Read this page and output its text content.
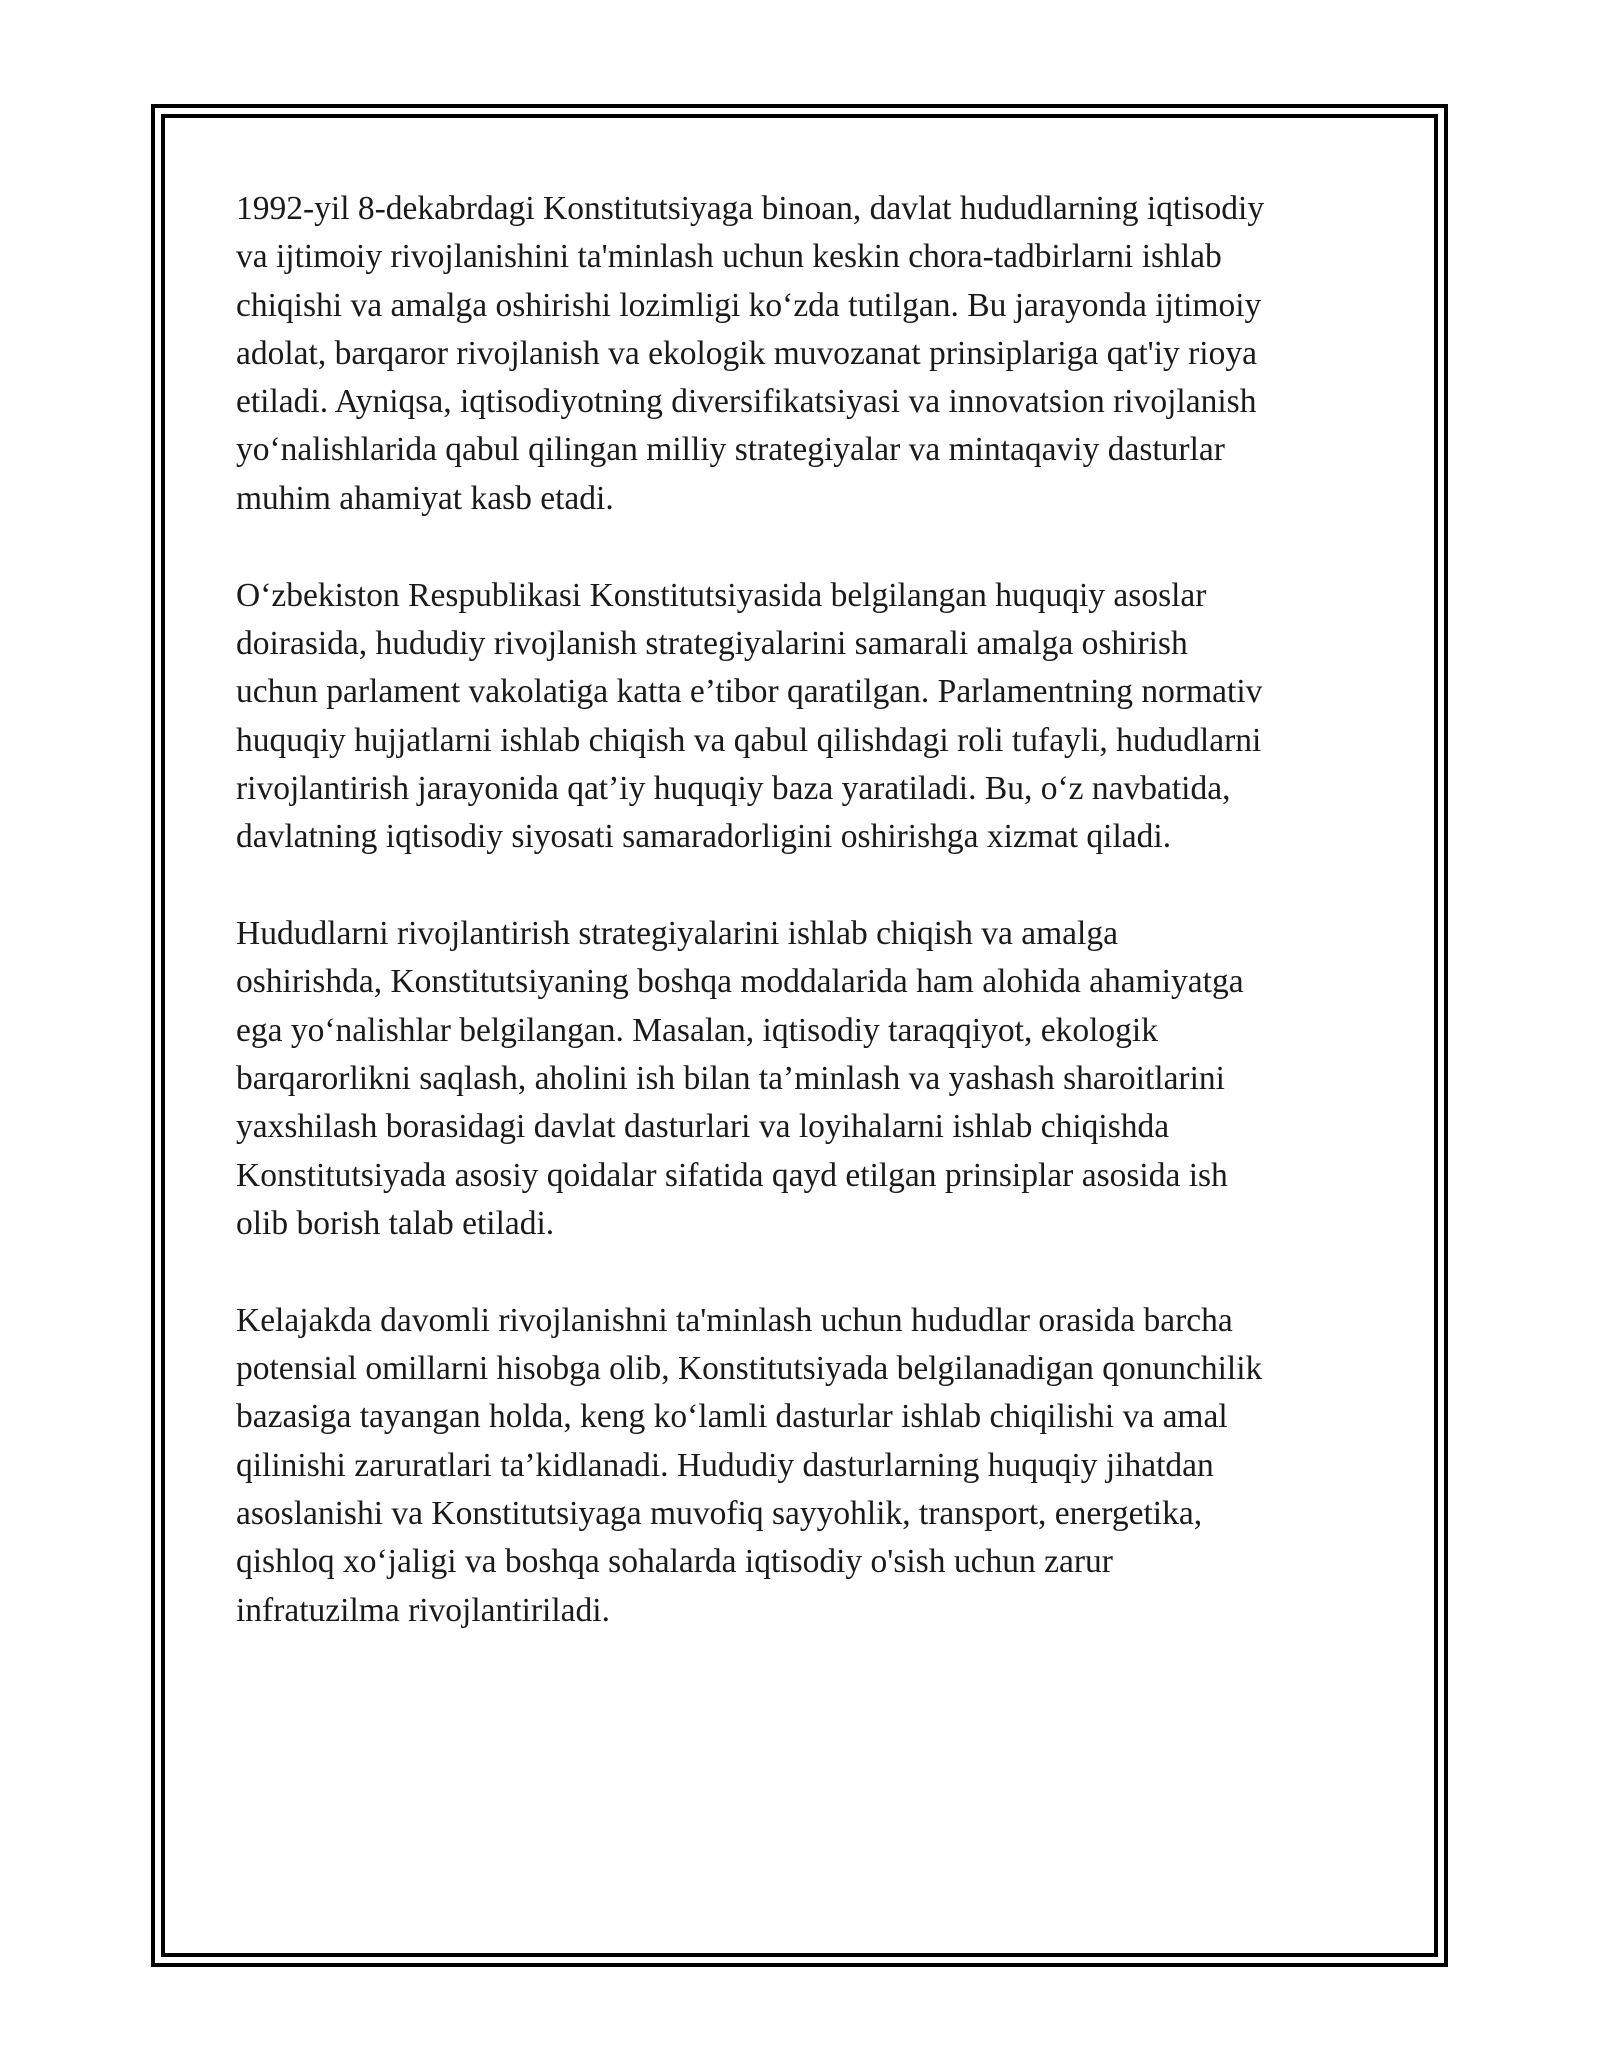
1992-yil 8-dekabrdagi Konstitutsiyaga binoan, davlat hududlarning iqtisodiy
va ijtimoiy rivojlanishini ta'minlash uchun keskin chora-tadbirlarni ishlab
chiqishi va amalga oshirishi lozimligi ko‘zda tutilgan. Bu jarayonda ijtimoiy
adolat, barqaror rivojlanish va ekologik muvozanat prinsiplariga qat'iy rioya
etiladi. Ayniqsa, iqtisodiyotning diversifikatsiyasi va innovatsion rivojlanish
yo‘nalishlarida qabul qilingan milliy strategiyalar va mintaqaviy dasturlar
muhim ahamiyat kasb etadi.

O‘zbekiston Respublikasi Konstitutsiyasida belgilangan huquqiy asoslar
doirasida, hududiy rivojlanish strategiyalarini samarali amalga oshirish
uchun parlament vakolatiga katta e’tibor qaratilgan. Parlamentning normativ
huquqiy hujjatlarni ishlab chiqish va qabul qilishdagi roli tufayli, hududlarni
rivojlantirish jarayonida qat’iy huquqiy baza yaratiladi. Bu, o‘z navbatida,
davlatning iqtisodiy siyosati samaradorligini oshirishga xizmat qiladi.

Hududlarni rivojlantirish strategiyalarini ishlab chiqish va amalga
oshirishda, Konstitutsiyaning boshqa moddalarida ham alohida ahamiyatga
ega yo‘nalishlar belgilangan. Masalan, iqtisodiy taraqqiyot, ekologik
barqarorlikni saqlash, aholini ish bilan ta’minlash va yashash sharoitlarini
yaxshilash borasidagi davlat dasturlari va loyihalarni ishlab chiqishda
Konstitutsiyada asosiy qoidalar sifatida qayd etilgan prinsiplar asosida ish
olib borish talab etiladi.

Kelajakda davomli rivojlanishni ta'minlash uchun hududlar orasida barcha
potensial omillarni hisobga olib, Konstitutsiyada belgilanadigan qonunchilik
bazasiga tayangan holda, keng ko‘lamli dasturlar ishlab chiqilishi va amal
qilinishi zaruratlari ta’kidlanadi. Hududiy dasturlarning huquqiy jihatdan
asoslanishi va Konstitutsiyaga muvofiq sayyohlik, transport, energetika,
qishloq xo‘jaligi va boshqa sohalarda iqtisodiy o'sish uchun zarur
infratuzilma rivojlantiriladi.
